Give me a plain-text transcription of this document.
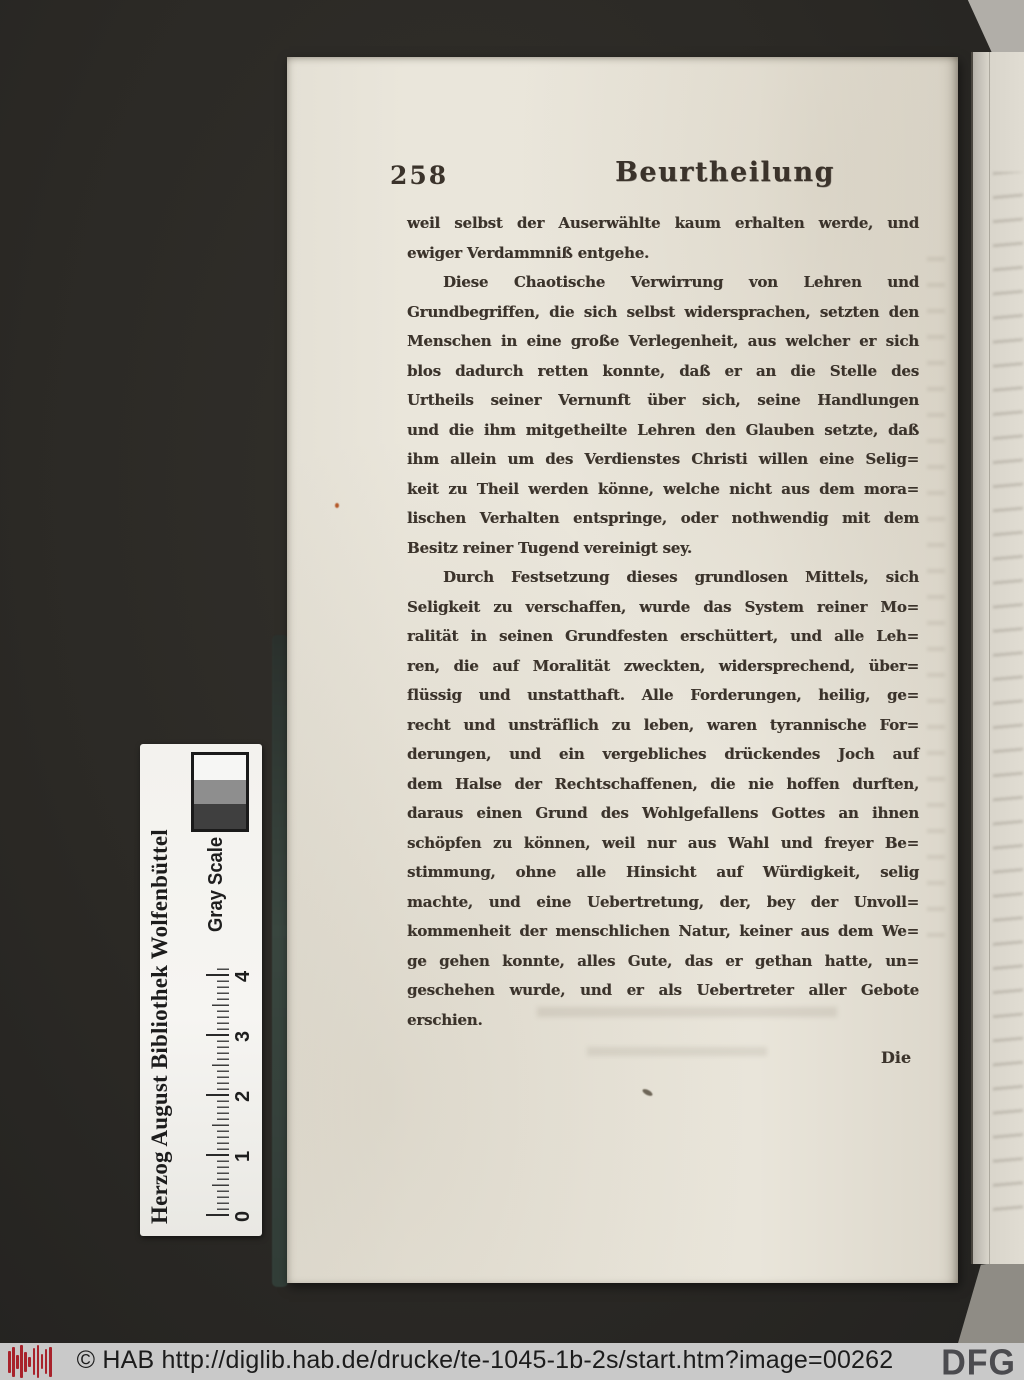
258	Beurtheilung
weil selbst der Auserwählte kaum erhalten werde, und
ewiger Verdammniß entgehe.
Diese Chaotische Verwirrung von Lehren und
Grundbegriffen, die sich selbst widersprachen, setzten den
Menschen in eine große Verlegenheit, aus welcher er sich
blos dadurch retten konnte, daß er an die Stelle des
Urtheils seiner Vernunft über sich, seine Handlungen
und die ihm mitgetheilte Lehren den Glauben setzte, daß
ihm allein um des Verdienstes Christi willen eine Selig=
keit zu Theil werden könne, welche nicht aus dem mora=
lischen Verhalten entspringe, oder nothwendig mit dem
Besitz reiner Tugend vereinigt sey.
Durch Festsetzung dieses grundlosen Mittels, sich
Seligkeit zu verschaffen, wurde das System reiner Mo=
ralität in seinen Grundfesten erschüttert, und alle Leh=
ren, die auf Moralität zweckten, widersprechend, über=
flüssig und unstatthaft. Alle Forderungen, heilig, ge=
recht und unsträflich zu leben, waren tyrannische For=
derungen, und ein vergebliches drückendes Joch auf
dem Halse der Rechtschaffenen, die nie hoffen durften,
daraus einen Grund des Wohlgefallens Gottes an ihnen
schöpfen zu können, weil nur aus Wahl und freyer Be=
stimmung, ohne alle Hinsicht auf Würdigkeit, selig
machte, und eine Uebertretung, der, bey der Unvoll=
kommenheit der menschlichen Natur, keiner aus dem We=
ge gehen konnte, alles Gute, das er gethan hatte, un=
geschehen wurde, und er als Uebertreter aller Gebote
erschien.
Die
Herzog August Bibliothek Wolfenbüttel	0
1
2
3
4
Gray Scale
© HAB http://diglib.hab.de/drucke/te-1045-1b-2s/start.htm?image=00262	DFG
